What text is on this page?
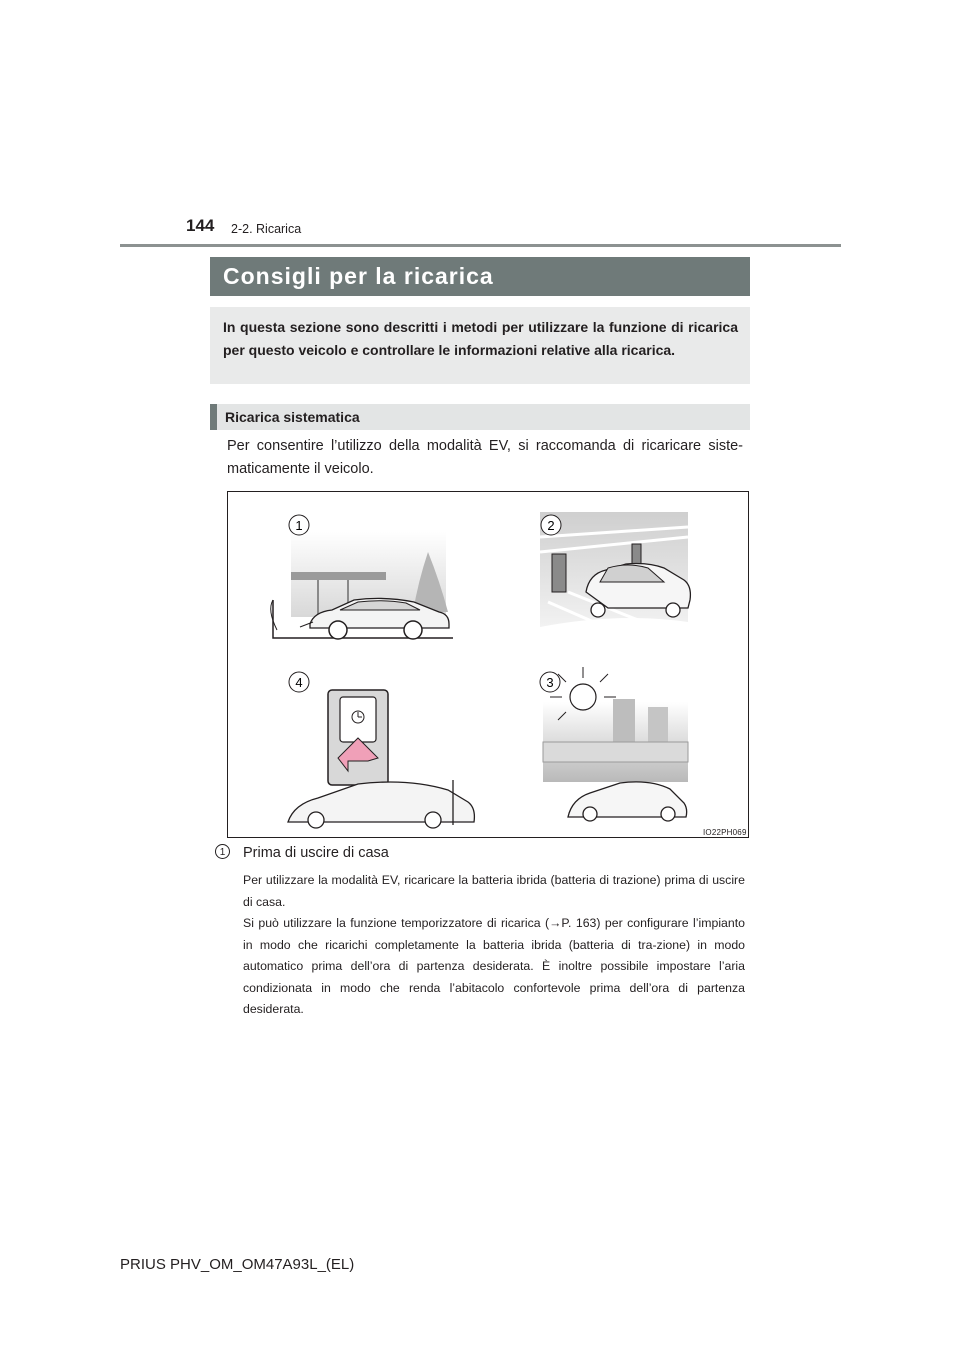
144 2-2. Ricarica
Consigli per la ricarica
In questa sezione sono descritti i metodi per utilizzare la funzione di ricarica per questo veicolo e controllare le informazioni relative alla ricarica.
Ricarica sistematica
Per consentire l’utilizzo della modalità EV, si raccomanda di ricaricare siste-maticamente il veicolo.
1	2
4	3
IO22PH069
1	Prima di uscire di casa
Per utilizzare la modalità EV, ricaricare la batteria ibrida (batteria di trazione) prima di uscire di casa.
Si può utilizzare la funzione temporizzatore di ricarica (→P. 163) per configurare l’impianto in modo che ricarichi completamente la batteria ibrida (batteria di tra-zione) in modo automatico prima dell’ora di partenza desiderata. È inoltre possibile impostare l’aria condizionata in modo che renda l’abitacolo confortevole prima dell’ora di partenza desiderata.
PRIUS PHV_OM_OM47A93L_(EL)
